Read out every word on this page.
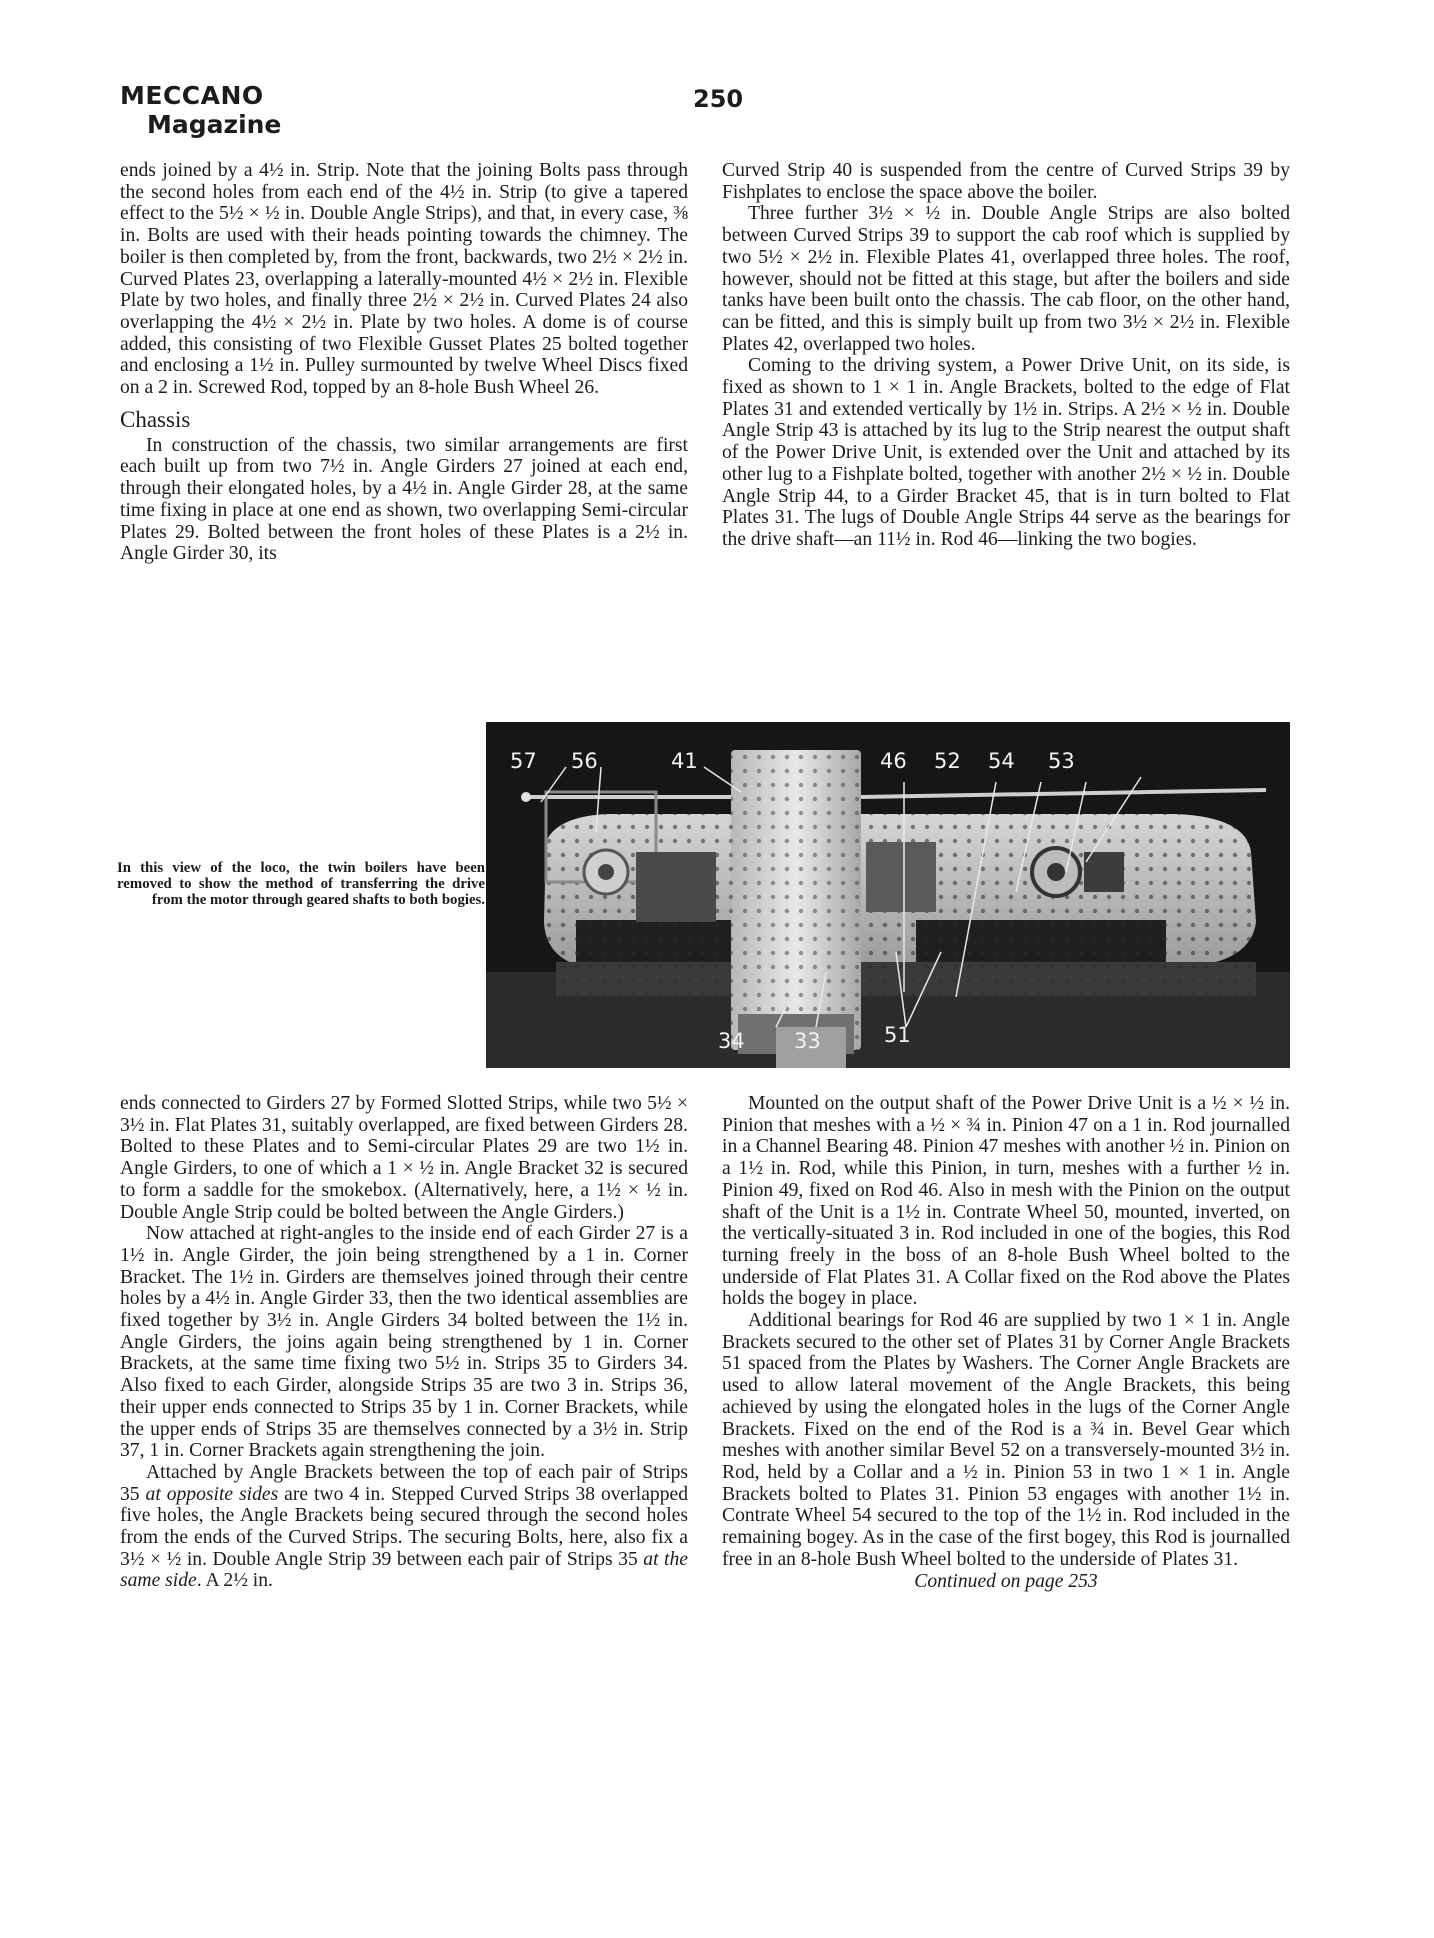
MECCANO
Magazine
250

ends joined by a 4½ in. Strip. Note that the joining Bolts pass through the second holes from each end of the 4½ in. Strip (to give a tapered effect to the 5½ × ½ in. Double Angle Strips), and that, in every case, ⅜ in. Bolts are used with their heads pointing towards the chimney. The boiler is then completed by, from the front, backwards, two 2½ × 2½ in. Curved Plates 23, overlapping a laterally-mounted 4½ × 2½ in. Flexible Plate by two holes, and finally three 2½ × 2½ in. Curved Plates 24 also overlapping the 4½ × 2½ in. Plate by two holes. A dome is of course added, this consisting of two Flexible Gusset Plates 25 bolted together and enclosing a 1½ in. Pulley surmounted by twelve Wheel Discs fixed on a 2 in. Screwed Rod, topped by an 8-hole Bush Wheel 26.

Chassis

In construction of the chassis, two similar arrangements are first each built up from two 7½ in. Angle Girders 27 joined at each end, through their elongated holes, by a 4½ in. Angle Girder 28, at the same time fixing in place at one end as shown, two overlapping Semi-circular Plates 29. Bolted between the front holes of these Plates is a 2½ in. Angle Girder 30, its

Curved Strip 40 is suspended from the centre of Curved Strips 39 by Fishplates to enclose the space above the boiler.

Three further 3½ × ½ in. Double Angle Strips are also bolted between Curved Strips 39 to support the cab roof which is supplied by two 5½ × 2½ in. Flexible Plates 41, overlapped three holes. The roof, however, should not be fitted at this stage, but after the boilers and side tanks have been built onto the chassis. The cab floor, on the other hand, can be fitted, and this is simply built up from two 3½ × 2½ in. Flexible Plates 42, overlapped two holes.

Coming to the driving system, a Power Drive Unit, on its side, is fixed as shown to 1 × 1 in. Angle Brackets, bolted to the edge of Flat Plates 31 and extended vertically by 1½ in. Strips. A 2½ × ½ in. Double Angle Strip 43 is attached by its lug to the Strip nearest the output shaft of the Power Drive Unit, is extended over the Unit and attached by its other lug to a Fishplate bolted, together with another 2½ × ½ in. Double Angle Strip 44, to a Girder Bracket 45, that is in turn bolted to Flat Plates 31. The lugs of Double Angle Strips 44 serve as the bearings for the drive shaft—an 11½ in. Rod 46—linking the two bogies.

In this view of the loco, the twin boilers have been removed to show the method of transferring the drive from the motor through geared shafts to both bogies.
57 56	41	46 52 54 53
34 33	51

ends connected to Girders 27 by Formed Slotted Strips, while two 5½ × 3½ in. Flat Plates 31, suitably overlapped, are fixed between Girders 28. Bolted to these Plates and to Semi-circular Plates 29 are two 1½ in. Angle Girders, to one of which a 1 × ½ in. Angle Bracket 32 is secured to form a saddle for the smokebox. (Alternatively, here, a 1½ × ½ in. Double Angle Strip could be bolted between the Angle Girders.)

Now attached at right-angles to the inside end of each Girder 27 is a 1½ in. Angle Girder, the join being strengthened by a 1 in. Corner Bracket. The 1½ in. Girders are themselves joined through their centre holes by a 4½ in. Angle Girder 33, then the two identical assemblies are fixed together by 3½ in. Angle Girders 34 bolted between the 1½ in. Angle Girders, the joins again being strengthened by 1 in. Corner Brackets, at the same time fixing two 5½ in. Strips 35 to Girders 34. Also fixed to each Girder, alongside Strips 35 are two 3 in. Strips 36, their upper ends connected to Strips 35 by 1 in. Corner Brackets, while the upper ends of Strips 35 are themselves connected by a 3½ in. Strip 37, 1 in. Corner Brackets again strengthening the join.

Attached by Angle Brackets between the top of each pair of Strips 35 at opposite sides are two 4 in. Stepped Curved Strips 38 overlapped five holes, the Angle Brackets being secured through the second holes from the ends of the Curved Strips. The securing Bolts, here, also fix a 3½ × ½ in. Double Angle Strip 39 between each pair of Strips 35 at the same side. A 2½ in.

Mounted on the output shaft of the Power Drive Unit is a ½ × ½ in. Pinion that meshes with a ½ × ¾ in. Pinion 47 on a 1 in. Rod journalled in a Channel Bearing 48. Pinion 47 meshes with another ½ in. Pinion on a 1½ in. Rod, while this Pinion, in turn, meshes with a further ½ in. Pinion 49, fixed on Rod 46. Also in mesh with the Pinion on the output shaft of the Unit is a 1½ in. Contrate Wheel 50, mounted, inverted, on the vertically-situated 3 in. Rod included in one of the bogies, this Rod turning freely in the boss of an 8-hole Bush Wheel bolted to the underside of Flat Plates 31. A Collar fixed on the Rod above the Plates holds the bogey in place.

Additional bearings for Rod 46 are supplied by two 1 × 1 in. Angle Brackets secured to the other set of Plates 31 by Corner Angle Brackets 51 spaced from the Plates by Washers. The Corner Angle Brackets are used to allow lateral movement of the Angle Brackets, this being achieved by using the elongated holes in the lugs of the Corner Angle Brackets. Fixed on the end of the Rod is a ¾ in. Bevel Gear which meshes with another similar Bevel 52 on a transversely-mounted 3½ in. Rod, held by a Collar and a ½ in. Pinion 53 in two 1 × 1 in. Angle Brackets bolted to Plates 31. Pinion 53 engages with another 1½ in. Contrate Wheel 54 secured to the top of the 1½ in. Rod included in the remaining bogey. As in the case of the first bogey, this Rod is journalled free in an 8-hole Bush Wheel bolted to the underside of Plates 31.

Continued on page 253
